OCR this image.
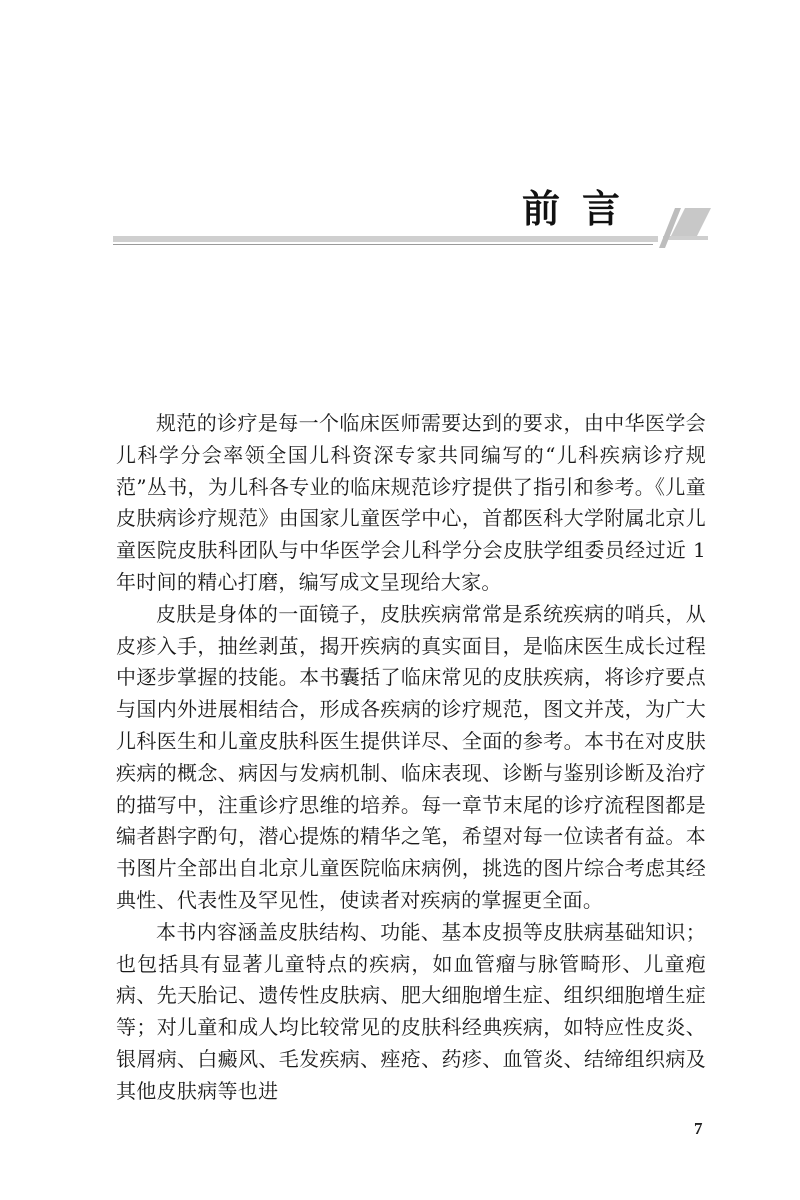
前言

规范的诊疗是每一个临床医师需要达到的要求，由中华医学会儿科学分会率领全国儿科资深专家共同编写的“儿科疾病诊疗规范”丛书，为儿科各专业的临床规范诊疗提供了指引和参考。《儿童皮肤病诊疗规范》由国家儿童医学中心，首都医科大学附属北京儿童医院皮肤科团队与中华医学会儿科学分会皮肤学组委员经过近 1 年时间的精心打磨，编写成文呈现给大家。

皮肤是身体的一面镜子，皮肤疾病常常是系统疾病的哨兵，从皮疹入手，抽丝剥茧，揭开疾病的真实面目，是临床医生成长过程中逐步掌握的技能。本书囊括了临床常见的皮肤疾病，将诊疗要点与国内外进展相结合，形成各疾病的诊疗规范，图文并茂，为广大儿科医生和儿童皮肤科医生提供详尽、全面的参考。本书在对皮肤疾病的概念、病因与发病机制、临床表现、诊断与鉴别诊断及治疗的描写中，注重诊疗思维的培养。每一章节末尾的诊疗流程图都是编者斟字酌句，潜心提炼的精华之笔，希望对每一位读者有益。本书图片全部出自北京儿童医院临床病例，挑选的图片综合考虑其经典性、代表性及罕见性，使读者对疾病的掌握更全面。

本书内容涵盖皮肤结构、功能、基本皮损等皮肤病基础知识；也包括具有显著儿童特点的疾病，如血管瘤与脉管畸形、儿童疱病、先天胎记、遗传性皮肤病、肥大细胞增生症、组织细胞增生症等；对儿童和成人均比较常见的皮肤科经典疾病，如特应性皮炎、银屑病、白癜风、毛发疾病、痤疮、药疹、血管炎、结缔组织病及其他皮肤病等也进

7
